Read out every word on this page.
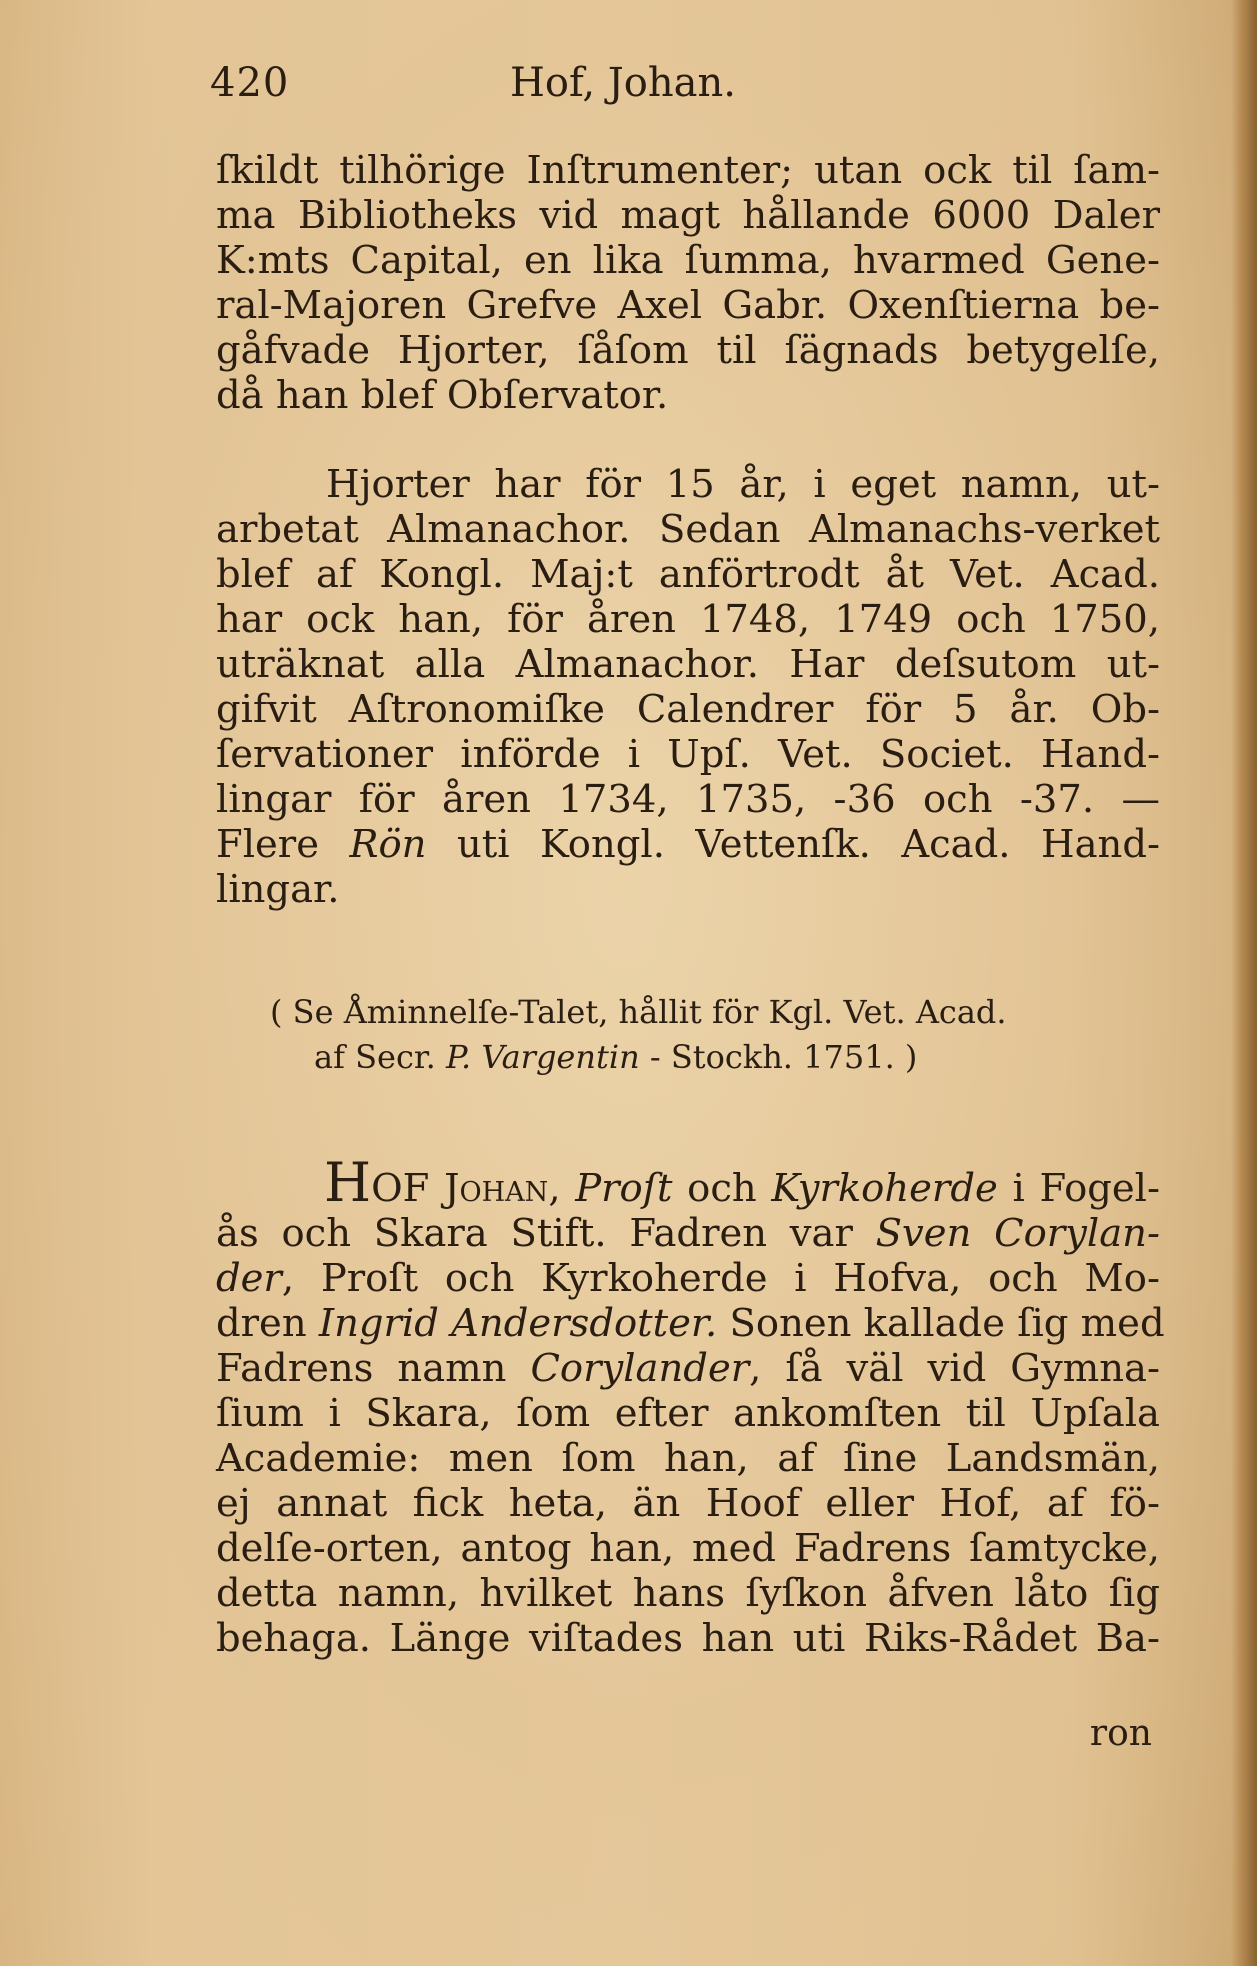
420	Hof, Johan.
ſkildt tilhörige Inſtrumenter; utan ock til ſam-
ma Bibliotheks vid magt hållande 6000 Daler
K:mts Capital, en lika ſumma, hvarmed Gene-
ral-Majoren Grefve Axel Gabr. Oxenſtierna be-
gåfvade Hjorter, ſåſom til ſägnads betygelſe,
då han blef Obſervator.
Hjorter har för 15 år, i eget namn, ut-
arbetat Almanachor. Sedan Almanachs-verket
blef af Kongl. Maj:t anförtrodt åt Vet. Acad.
har ock han, för åren 1748, 1749 och 1750,
uträknat alla Almanachor. Har deſsutom ut-
gifvit Aſtronomiſke Calendrer för 5 år. Ob-
ſervationer införde i Upſ. Vet. Societ. Hand-
lingar för åren 1734, 1735, -36 och -37. —
Flere Rön uti Kongl. Vettenſk. Acad. Hand-
lingar.
( Se Åminnelſe-Talet, hållit för Kgl. Vet. Acad.
af Secr. P. Vargentin - Stockh. 1751. )
HOF Johan, Proſt och Kyrkoherde i Fogel-
ås och Skara Stift. Fadren var Sven Corylan-
der, Proſt och Kyrkoherde i Hofva, och Mo-
dren Ingrid Andersdotter. Sonen kallade ſig med
Fadrens namn Corylander, ſå väl vid Gymna-
ſium i Skara, ſom efter ankomſten til Upſala
Academie: men ſom han, af ſine Landsmän,
ej annat fick heta, än Hoof eller Hof, af fö-
delſe-orten, antog han, med Fadrens ſamtycke,
detta namn, hvilket hans ſyſkon åfven låto ſig
behaga. Länge viſtades han uti Riks-Rådet Ba-
ron
